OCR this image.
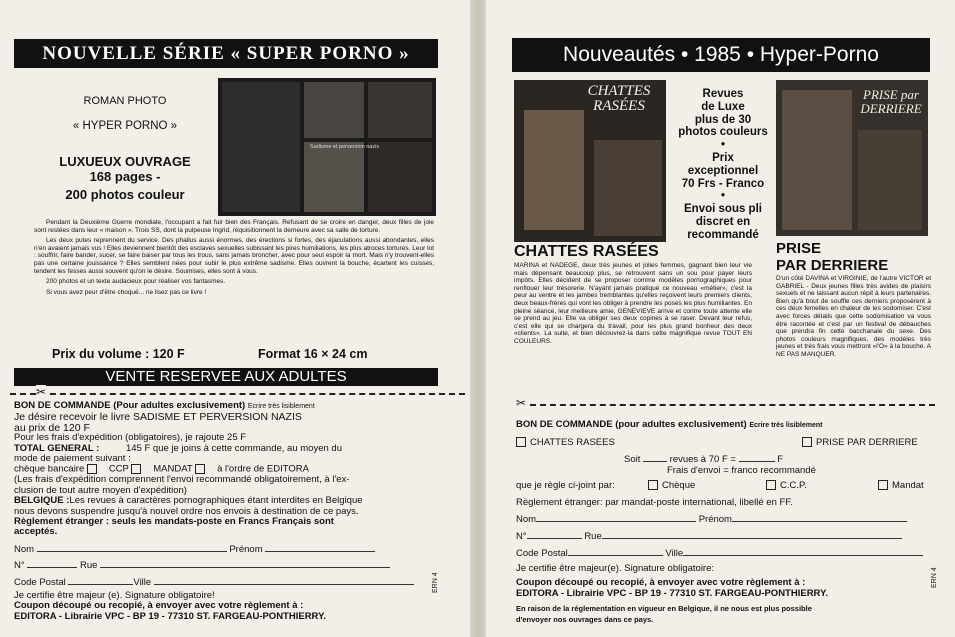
NOUVELLE SÉRIE « SUPER PORNO »
ROMAN PHOTO
« HYPER PORNO »
LUXUEUX OUVRAGE
168 pages -
200 photos couleur
Sadisme et perversion nazis
Pendant la Deuxième Guerre mondiale, l'occupant a fait fuir bien des Français. Refusant de se croire en danger, deux filles de joie sont restées dans leur « maison ». Trois SS, dont la pulpeuse Ingrid, réquisitionnent la demeure avec sa salle de torture.
Les deux putes reprennent du service. Des phallus aussi énormes, des érections si fortes, des éjaculations aussi abondantes, elles n'en avaient jamais vus ! Elles deviennent bientôt des esclaves sexuelles subissant les pires humiliations, les plus atroces tortures. Leur lot : souffrir, faire bander, sucer, se faire baiser par tous les trous, sans jamais broncher, avec pour seul espoir la mort. Mais n'y trouvent-elles pas une certaine jouissance ? Elles semblent nées pour subir le plus extrême sadisme. Elles ouvrent la bouche, écartent les cuisses, tendent les fesses aussi souvent qu'on le désire. Soumises, elles sont à vous.
200 photos et un texte audacieux pour réaliser vos fantasmes.
Si vous avez peur d'être choqué... ne lisez pas ce livre !
Prix du volume : 120 F	Format 16 × 24 cm
VENTE RESERVEE AUX ADULTES
✂
BON DE COMMANDE (Pour adultes exclusivement) Ecrire très lisiblement
Je désire recevoir le livre SADISME ET PERVERSION NAZIS
au prix de 120 F
Pour les frais d'expédition (obligatoires), je rajoute 25 F
TOTAL GENERAL :	145 F que je joins à cette commande, au moyen du
mode de paiement suivant :
chèque bancaire	CCP	MANDAT	à l'ordre de EDITORA
(Les frais d'expédition comprennent l'envoi recommandé obligatoirement, à l'ex-
clusion de tout autre moyen d'expédition)
BELGIQUE :Les revues à caractères pornographiques étant interdites en Belgique
nous devons suspendre jusqu'à nouvel ordre nos envois à destination de ce pays.
Règlement étranger : seuls les mandats-poste en Francs Français sont
acceptés.
Nom	Prénom
N°	Rue
Code Postal	Ville
Je certifie être majeur (e). Signature obligatoire!
Coupon découpé ou recopié, à envoyer avec votre règlement à :
EDITORA - Librairie VPC - BP 19 - 77310 ST. FARGEAU-PONTHIERRY.
ERN 4
Nouveautés • 1985 • Hyper-Porno
CHATTES RASÉES
Revues
de Luxe
plus de 30
photos couleurs
•
Prix
exceptionnel
70 Frs - Franco
•
Envoi sous pli
discret en
recommandé
PRISE par DERRIERE
CHATTES RASÉES
MARINA et NADEGE, deux très jeunes et jolies femmes, gagnant bien leur vie mais dépensant beaucoup plus, se retrouvent sans un sou pour payer leurs impôts. Elles décident de se proposer comme modèles pornographiques pour renflouer leur trésorerie. N'ayant jamais pratiqué ce nouveau «métier», c'est la peur au ventre et les jambes tremblantes qu'elles reçoivent leurs premiers clients, deux beaux-frères qui vont les obliger à prendre les poses les plus humiliantes. En pleine séance, leur meilleure amie, GENEVIEVE arrive et contre toute attente elle se prend au jeu. Elle va obliger ses deux copines à se raser. Devant leur refus, c'est elle qui se chargera du travail, pour les plus grand bonheur des deux «clients». La suite, et bien découvrez-la dans cette magnifique revue TOUT EN COULEURS.
PRISE
PAR DERRIERE
D'un côté DAVINA et VIRGINIE, de l'autre VICTOR et GABRIEL - Deux jeunes filles très avides de plaisirs sexuels et ne laissant aucun répit à leurs partenaires. Bien qu'à bout de souffle ces derniers proposèrent à ces deux femelles en chaleur de les sodomiser. C'est avec forces détails que cette sodomisation va vous être racontée et c'est par un festival de débauches que prendra fin cette bacchanale du sexe. Des photos couleurs magnifiques, des modèles très jeunes et très frais vous mettront «l'O» à la bouche. A NE PAS MANQUER.
✂
BON DE COMMANDE (pour adultes exclusivement) Ecrire très lisiblement
CHATTES RASEES	PRISE PAR DERRIERE
Soit	revues à 70 F =	F
Frais d'envoi = franco recommandé
que je règle ci-joint par:	Chèque	C.C.P.	Mandat
Règlement étranger: par mandat-poste international, libellé en FF.
Nom	Prénom
N°	Rue
Code Postal	Ville
Je certifie être majeur(e). Signature obligatoire:
Coupon découpé ou recopié, à envoyer avec votre règlement à :
EDITORA - Librairie VPC - BP 19 - 77310 ST. FARGEAU-PONTHIERRY.
En raison de la réglementation en vigueur en Belgique, il ne nous est plus possible
d'envoyer nos ouvrages dans ce pays.
ERN 4
